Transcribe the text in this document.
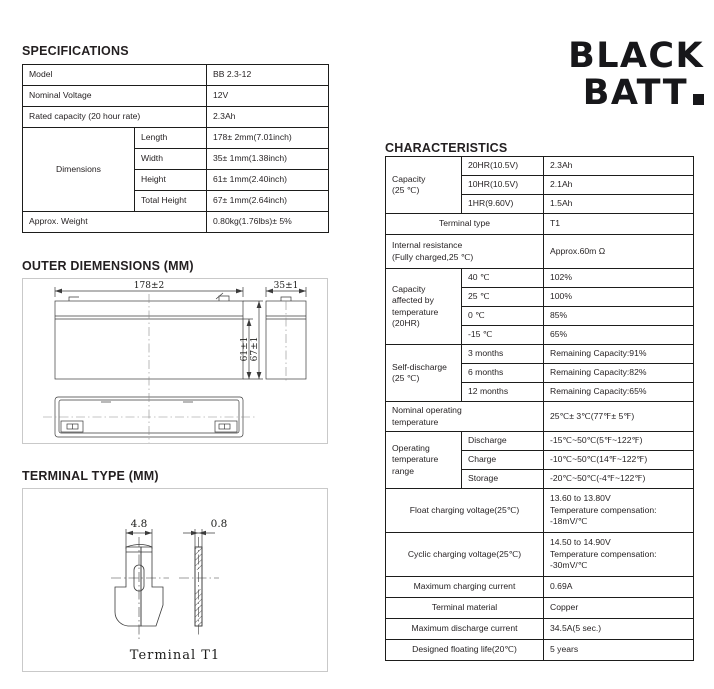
BLACK
BATT
SPECIFICATIONS
Model		BB 2.3-12
Nominal Voltage		12V
Rated capacity (20 hour rate)		2.3Ah
Dimensions	Length	178± 2mm(7.01inch)
	Width	35± 1mm(1.38inch)
	Height	61± 1mm(2.40inch)
	Total Height	67± 1mm(2.64inch)
Approx. Weight		0.80kg(1.76lbs)± 5%
OUTER DIEMENSIONS (MM)
178±2	35±1
61±1 67±1
TERMINAL TYPE (MM)
4.8	0.8
Terminal T1
CHARACTERISTICS
Capacity
(25 ℃)	20HR(10.5V)	2.3Ah
	10HR(10.5V)	2.1Ah
	1HR(9.60V)	1.5Ah
Terminal type		T1
Internal resistance
(Fully charged,25 ℃)		Approx.60m Ω
Capacity
affected by
temperature
(20HR)	40 ℃	102%
	25 ℃	100%
	0 ℃	85%
	-15 ℃	65%
Self-discharge
(25 ℃)	3 months	Remaining Capacity:91%
	6 months	Remaining Capacity:82%
	12 months	Remaining Capacity:65%
Nominal operating
temperature		25℃± 3℃(77℉± 5℉)
Operating
temperature
range	Discharge	-15℃~50℃(5℉~122℉)
	Charge	-10℃~50℃(14℉~122℉)
	Storage	-20℃~50℃(-4℉~122℉)
Float charging voltage(25℃)		13.60 to 13.80V
Temperature compensation:
-18mV/℃
Cyclic charging voltage(25℃)		14.50 to 14.90V
Temperature compensation:
-30mV/℃
Maximum charging current		0.69A
Terminal material		Copper
Maximum discharge current		34.5A(5 sec.)
Designed floating life(20℃)		5 years
